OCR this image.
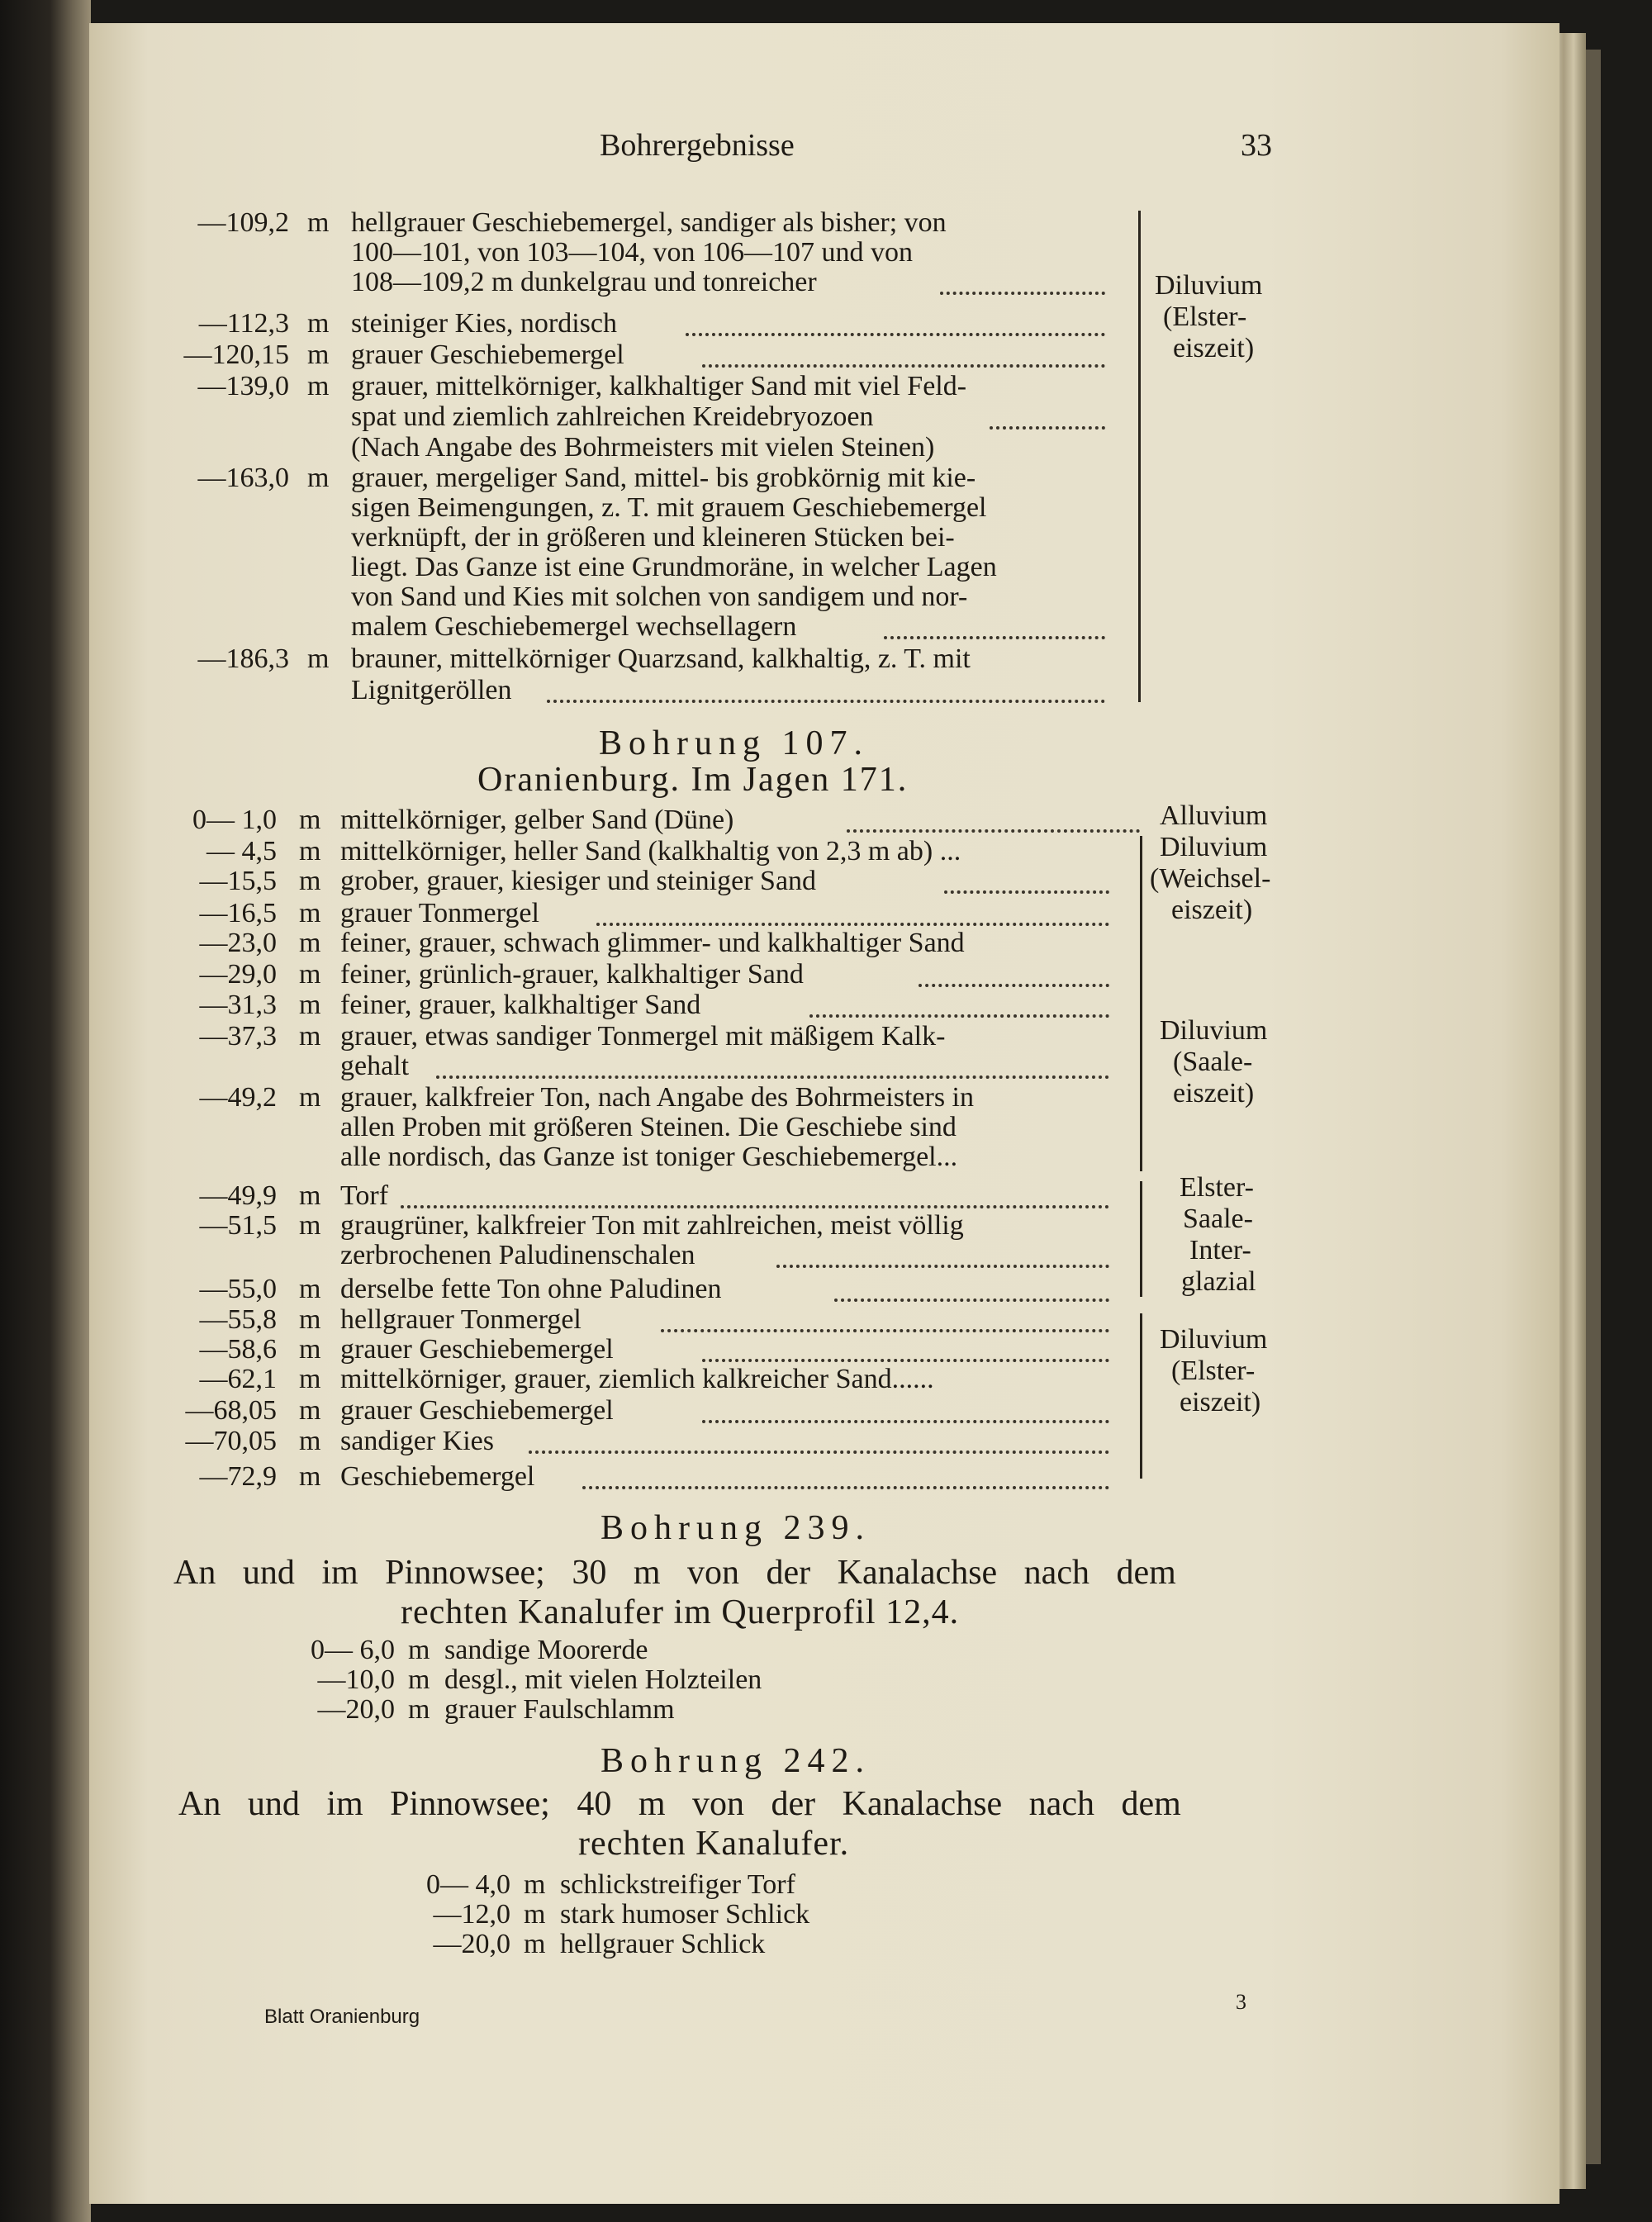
Bohrergebnisse	33
—109,2 m hellgrauer Geschiebemergel, sandiger als bisher; von
100—101, von 103—104, von 106—107 und von
108—109,2 m dunkelgrau und tonreicher
—112,3 m steiniger Kies, nordisch
—120,15 m grauer Geschiebemergel
—139,0 m grauer, mittelkörniger, kalkhaltiger Sand mit viel Feld-
spat und ziemlich zahlreichen Kreidebryozoen
(Nach Angabe des Bohrmeisters mit vielen Steinen)
—163,0 m grauer, mergeliger Sand, mittel- bis grobkörnig mit kie-
sigen Beimengungen, z. T. mit grauem Geschiebemergel
verknüpft, der in größeren und kleineren Stücken bei-
liegt. Das Ganze ist eine Grundmoräne, in welcher Lagen
von Sand und Kies mit solchen von sandigem und nor-
malem Geschiebemergel wechsellagern
—186,3 m brauner, mittelkörniger Quarzsand, kalkhaltig, z. T. mit
Lignitgeröllen
Diluvium
(Elster-
eiszeit)
Bohrung 107.
Oranienburg. Im Jagen 171.
0— 1,0 m mittelkörniger, gelber Sand (Düne)
— 4,5 m mittelkörniger, heller Sand (kalkhaltig von 2,3 m ab) ...
—15,5 m grober, grauer, kiesiger und steiniger Sand
—16,5 m grauer Tonmergel
—23,0 m feiner, grauer, schwach glimmer- und kalkhaltiger Sand
—29,0 m feiner, grünlich-grauer, kalkhaltiger Sand
—31,3 m feiner, grauer, kalkhaltiger Sand
—37,3 m grauer, etwas sandiger Tonmergel mit mäßigem Kalk-
gehalt
—49,2 m grauer, kalkfreier Ton, nach Angabe des Bohrmeisters in
allen Proben mit größeren Steinen. Die Geschiebe sind
alle nordisch, das Ganze ist toniger Geschiebemergel...
—49,9 m Torf
—51,5 m graugrüner, kalkfreier Ton mit zahlreichen, meist völlig
zerbrochenen Paludinenschalen
—55,0 m derselbe fette Ton ohne Paludinen
—55,8 m hellgrauer Tonmergel
—58,6 m grauer Geschiebemergel
—62,1 m mittelkörniger, grauer, ziemlich kalkreicher Sand......
—68,05 m grauer Geschiebemergel
—70,05 m sandiger Kies
—72,9 m Geschiebemergel
Alluvium
Diluvium
(Weichsel-
eiszeit)
Diluvium
(Saale-
eiszeit)
Elster-
Saale-
Inter-
glazial
Diluvium
(Elster-
eiszeit)
Bohrung 239.
An und im Pinnowsee; 30 m von der Kanalachse nach dem
rechten Kanalufer im Querprofil 12,4.
0— 6,0 m sandige Moorerde
—10,0 m desgl., mit vielen Holzteilen
—20,0 m grauer Faulschlamm
Bohrung 242.
An und im Pinnowsee; 40 m von der Kanalachse nach dem
rechten Kanalufer.
0— 4,0 m schlickstreifiger Torf
—12,0 m stark humoser Schlick
—20,0 m hellgrauer Schlick
Blatt Oranienburg
3
